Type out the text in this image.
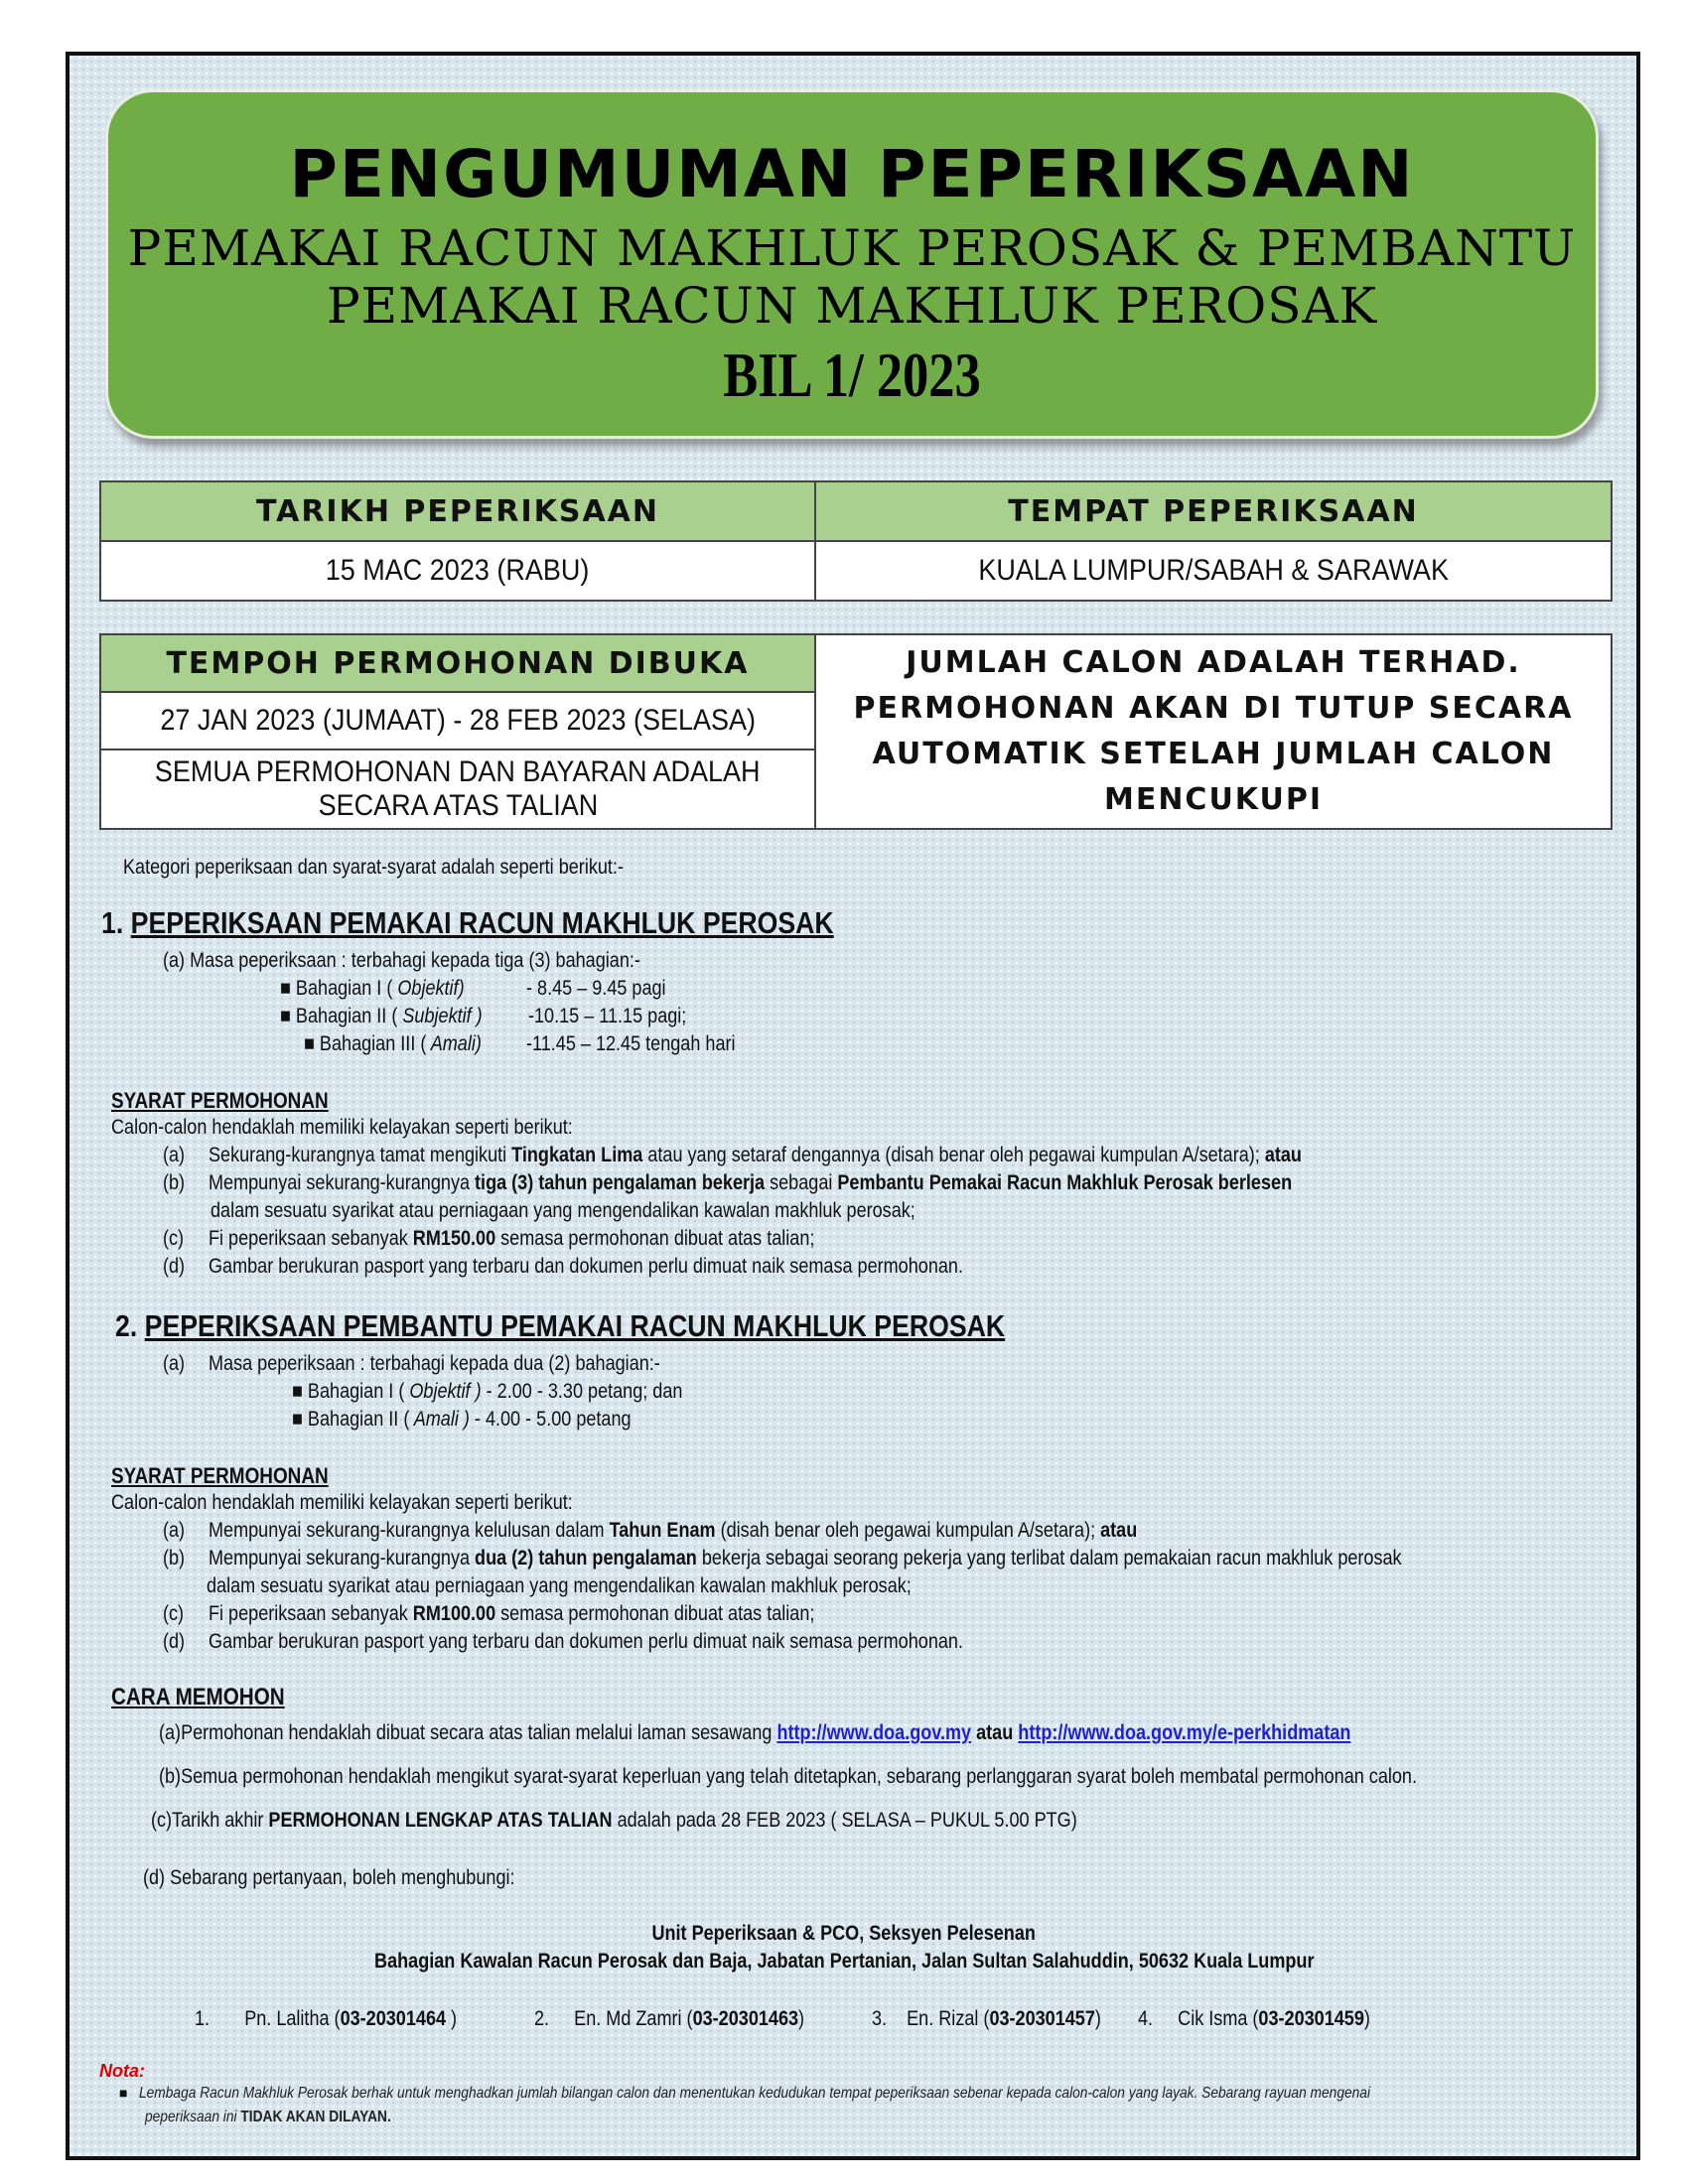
PENGUMUMAN PEPERIKSAAN
PEMAKAI RACUN MAKHLUK PEROSAK & PEMBANTU
PEMAKAI RACUN MAKHLUK PEROSAK
BIL 1/ 2023
TARIKH PEPERIKSAAN	TEMPAT PEPERIKSAAN
15 MAC 2023 (RABU)	KUALA LUMPUR/SABAH & SARAWAK
TEMPOH PERMOHONAN DIBUKA	JUMLAH CALON ADALAH TERHAD.
PERMOHONAN AKAN DI TUTUP SECARA
AUTOMATIK SETELAH JUMLAH CALON
MENCUKUPI

27 JAN 2023 (JUMAAT) - 28 FEB 2023 (SELASA)

SEMUA PERMOHONAN DAN BAYARAN ADALAH
SECARA ATAS TALIAN
Kategori peperiksaan dan syarat-syarat adalah seperti berikut:-
1. PEPERIKSAAN PEMAKAI RACUN MAKHLUK PEROSAK
(a) Masa peperiksaan : terbahagi kepada tiga (3) bahagian:-
■ Bahagian I ( Objektif)	- 8.45 – 9.45 pagi
■ Bahagian II ( Subjektif ) -10.15 – 11.15 pagi;
■ Bahagian III ( Amali) -11.45 – 12.45 tengah hari
SYARAT PERMOHONAN
Calon-calon hendaklah memiliki kelayakan seperti berikut:
(a) Sekurang-kurangnya tamat mengikuti Tingkatan Lima atau yang setaraf dengannya (disah benar oleh pegawai kumpulan A/setara); atau
(b) Mempunyai sekurang-kurangnya tiga (3) tahun pengalaman bekerja sebagai Pembantu Pemakai Racun Makhluk Perosak berlesen
dalam sesuatu syarikat atau perniagaan yang mengendalikan kawalan makhluk perosak;
(c) Fi peperiksaan sebanyak RM150.00 semasa permohonan dibuat atas talian;
(d) Gambar berukuran pasport yang terbaru dan dokumen perlu dimuat naik semasa permohonan.
2. PEPERIKSAAN PEMBANTU PEMAKAI RACUN MAKHLUK PEROSAK
(a) Masa peperiksaan : terbahagi kepada dua (2) bahagian:-
■ Bahagian I ( Objektif ) - 2.00 - 3.30 petang; dan
■ Bahagian II ( Amali ) - 4.00 - 5.00 petang
SYARAT PERMOHONAN
Calon-calon hendaklah memiliki kelayakan seperti berikut:
(a) Mempunyai sekurang-kurangnya kelulusan dalam Tahun Enam (disah benar oleh pegawai kumpulan A/setara); atau
(b) Mempunyai sekurang-kurangnya dua (2) tahun pengalaman bekerja sebagai seorang pekerja yang terlibat dalam pemakaian racun makhluk perosak
dalam sesuatu syarikat atau perniagaan yang mengendalikan kawalan makhluk perosak;
(c) Fi peperiksaan sebanyak RM100.00 semasa permohonan dibuat atas talian;
(d) Gambar berukuran pasport yang terbaru dan dokumen perlu dimuat naik semasa permohonan.
CARA MEMOHON
(a)Permohonan hendaklah dibuat secara atas talian melalui laman sesawang http://www.doa.gov.my atau http://www.doa.gov.my/e-perkhidmatan
(b)Semua permohonan hendaklah mengikut syarat-syarat keperluan yang telah ditetapkan, sebarang perlanggaran syarat boleh membatal permohonan calon.
(c)Tarikh akhir PERMOHONAN LENGKAP ATAS TALIAN adalah pada 28 FEB 2023 ( SELASA – PUKUL 5.00 PTG)
(d) Sebarang pertanyaan, boleh menghubungi:
Unit Peperiksaan & PCO, Seksyen Pelesenan
Bahagian Kawalan Racun Perosak dan Baja, Jabatan Pertanian, Jalan Sultan Salahuddin, 50632 Kuala Lumpur
1. Pn. Lalitha (03-20301464 )	2. En. Md Zamri (03-20301463)	3. En. Rizal (03-20301457) 4. Cik Isma (03-20301459)
Nota:
■ Lembaga Racun Makhluk Perosak berhak untuk menghadkan jumlah bilangan calon dan menentukan kedudukan tempat peperiksaan sebenar kepada calon-calon yang layak. Sebarang rayuan mengenai
peperiksaan ini TIDAK AKAN DILAYAN.
